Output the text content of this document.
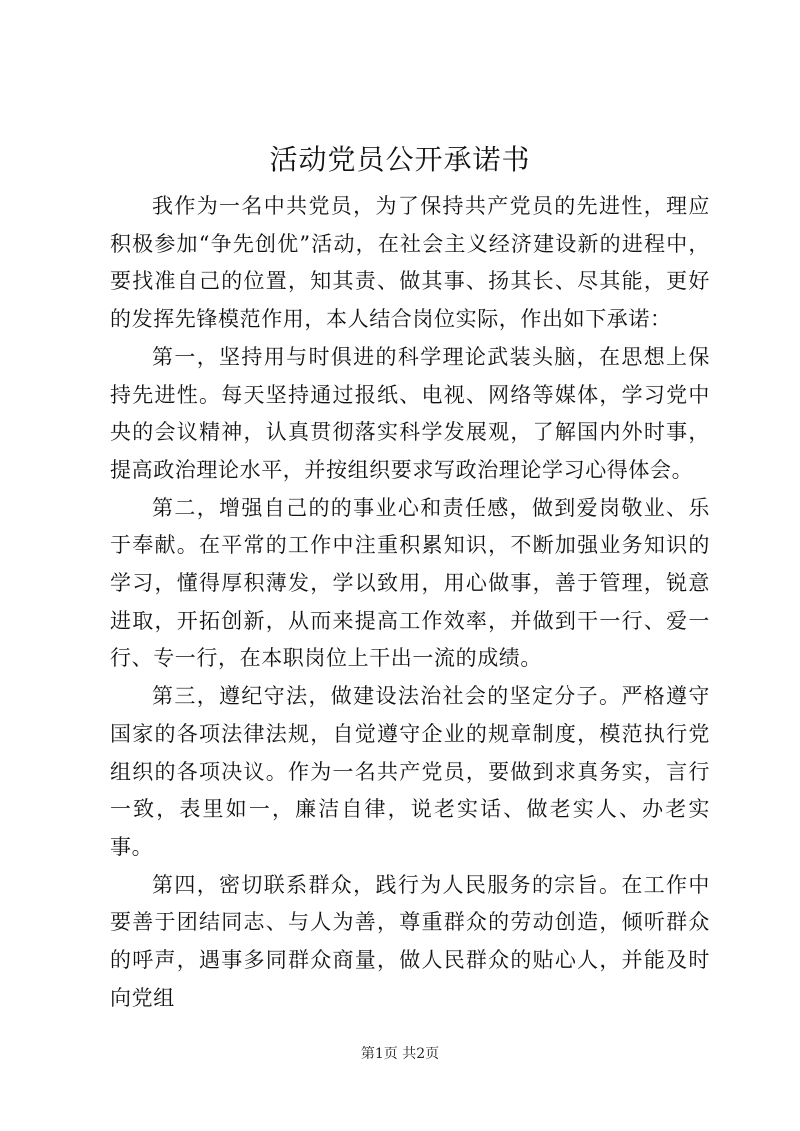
活动党员公开承诺书

我作为一名中共党员，为了保持共产党员的先进性，理应积极参加“争先创优”活动，在社会主义经济建设新的进程中，要找准自己的位置，知其责、做其事、扬其长、尽其能，更好的发挥先锋模范作用，本人结合岗位实际，作出如下承诺：

第一，坚持用与时俱进的科学理论武装头脑，在思想上保持先进性。每天坚持通过报纸、电视、网络等媒体，学习党中央的会议精神，认真贯彻落实科学发展观，了解国内外时事，提高政治理论水平，并按组织要求写政治理论学习心得体会。

第二，增强自己的的事业心和责任感，做到爱岗敬业、乐于奉献。在平常的工作中注重积累知识，不断加强业务知识的学习，懂得厚积薄发，学以致用，用心做事，善于管理，锐意进取，开拓创新，从而来提高工作效率，并做到干一行、爱一行、专一行，在本职岗位上干出一流的成绩。

第三，遵纪守法，做建设法治社会的坚定分子。严格遵守国家的各项法律法规，自觉遵守企业的规章制度，模范执行党组织的各项决议。作为一名共产党员，要做到求真务实，言行一致，表里如一，廉洁自律，说老实话、做老实人、办老实事。

第四，密切联系群众，践行为人民服务的宗旨。在工作中要善于团结同志、与人为善，尊重群众的劳动创造，倾听群众的呼声，遇事多同群众商量，做人民群众的贴心人，并能及时向党组

第1页 共2页
